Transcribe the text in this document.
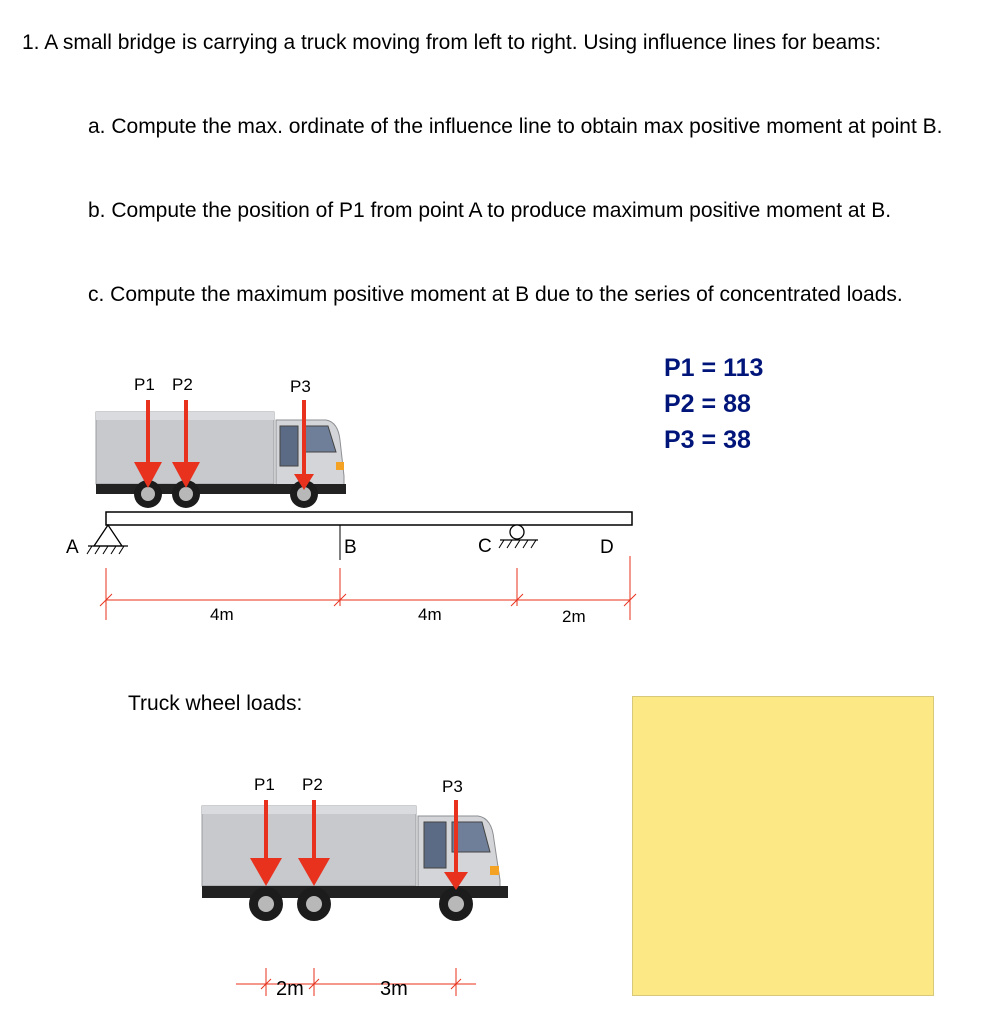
1. A small bridge is carrying a truck moving from left to right. Using influence lines for beams:
a. Compute the max. ordinate of the influence line to obtain max positive moment at point B.
b. Compute the position of P1 from point A to produce maximum positive moment at B.
c. Compute the maximum positive moment at B due to the series of concentrated loads.
P1 = 113
P2 = 88
P3 = 38
P1 P2	P3
A	B	C	D
4m	4m	2m
Truck wheel loads:
P1 P2	P3
2m	3m
